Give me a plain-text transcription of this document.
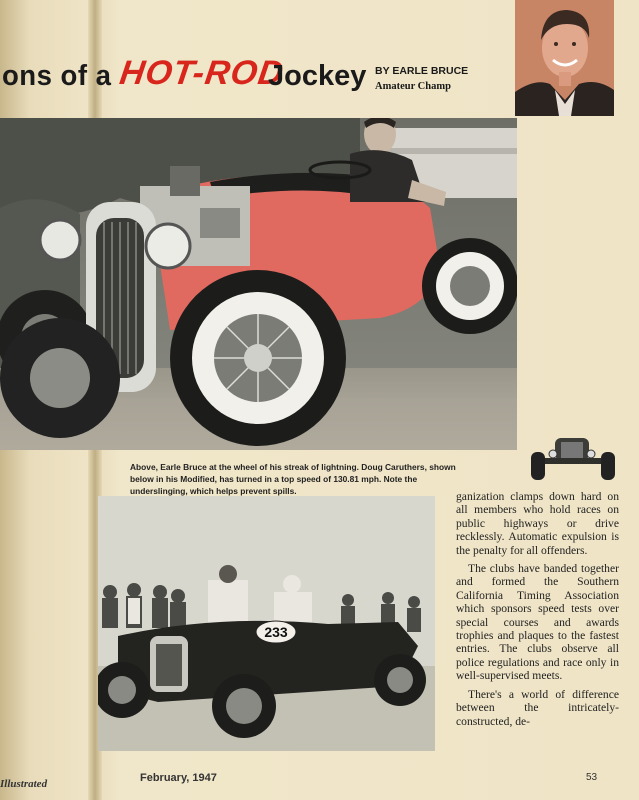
ons of a HOT-ROD
Jockey BY EARLE BRUCE
Amateur Champ
Above, Earle Bruce at the wheel of his streak of lightning. Doug Caruthers, shown below in his Modified, has turned in a top speed of 130.81 mph. Note the underslinging, which helps prevent spills.
233

ganization clamps down hard on all members who hold races on public highways or drive recklessly. Automatic expulsion is the penalty for all offenders.

The clubs have banded together and formed the Southern California Timing Association which sponsors speed tests over special courses and awards trophies and plaques to the fastest entries. The clubs observe all police regulations and race only in well-supervised meets.

There's a world of difference between the intricately-constructed, de-

Illustrated	February, 1947	53
